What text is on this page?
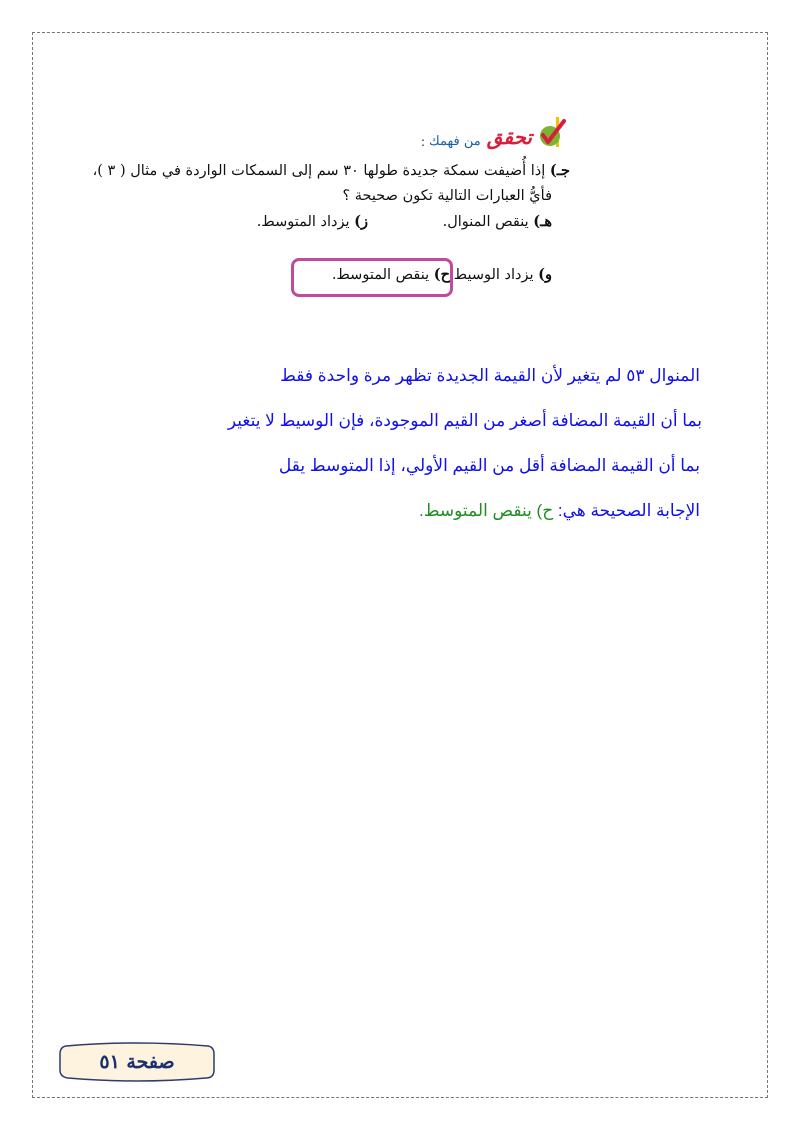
تحقق
من فهمك
:
جـ) إذا أُضيفت سمكة جديدة طولها ٣٠ سم إلى السمكات الواردة في مثال ( ٣ )،
فأيُّ العبارات التالية تكون صحيحة ؟
هـ) ينقص المنوال.
ز) يزداد المتوسط.
و) يزداد الوسيط.
ح) ينقص المتوسط.
المنوال ٥٣ لم يتغير لأن القيمة الجديدة تظهر مرة واحدة فقط
بما أن القيمة المضافة أصغر من القيم الموجودة، فإن الوسيط لا يتغير
بما أن القيمة المضافة أقل من القيم الأولي، إذا المتوسط يقل
الإجابة الصحيحة هي: ح) ينقص المتوسط.
صفحة ٥١
